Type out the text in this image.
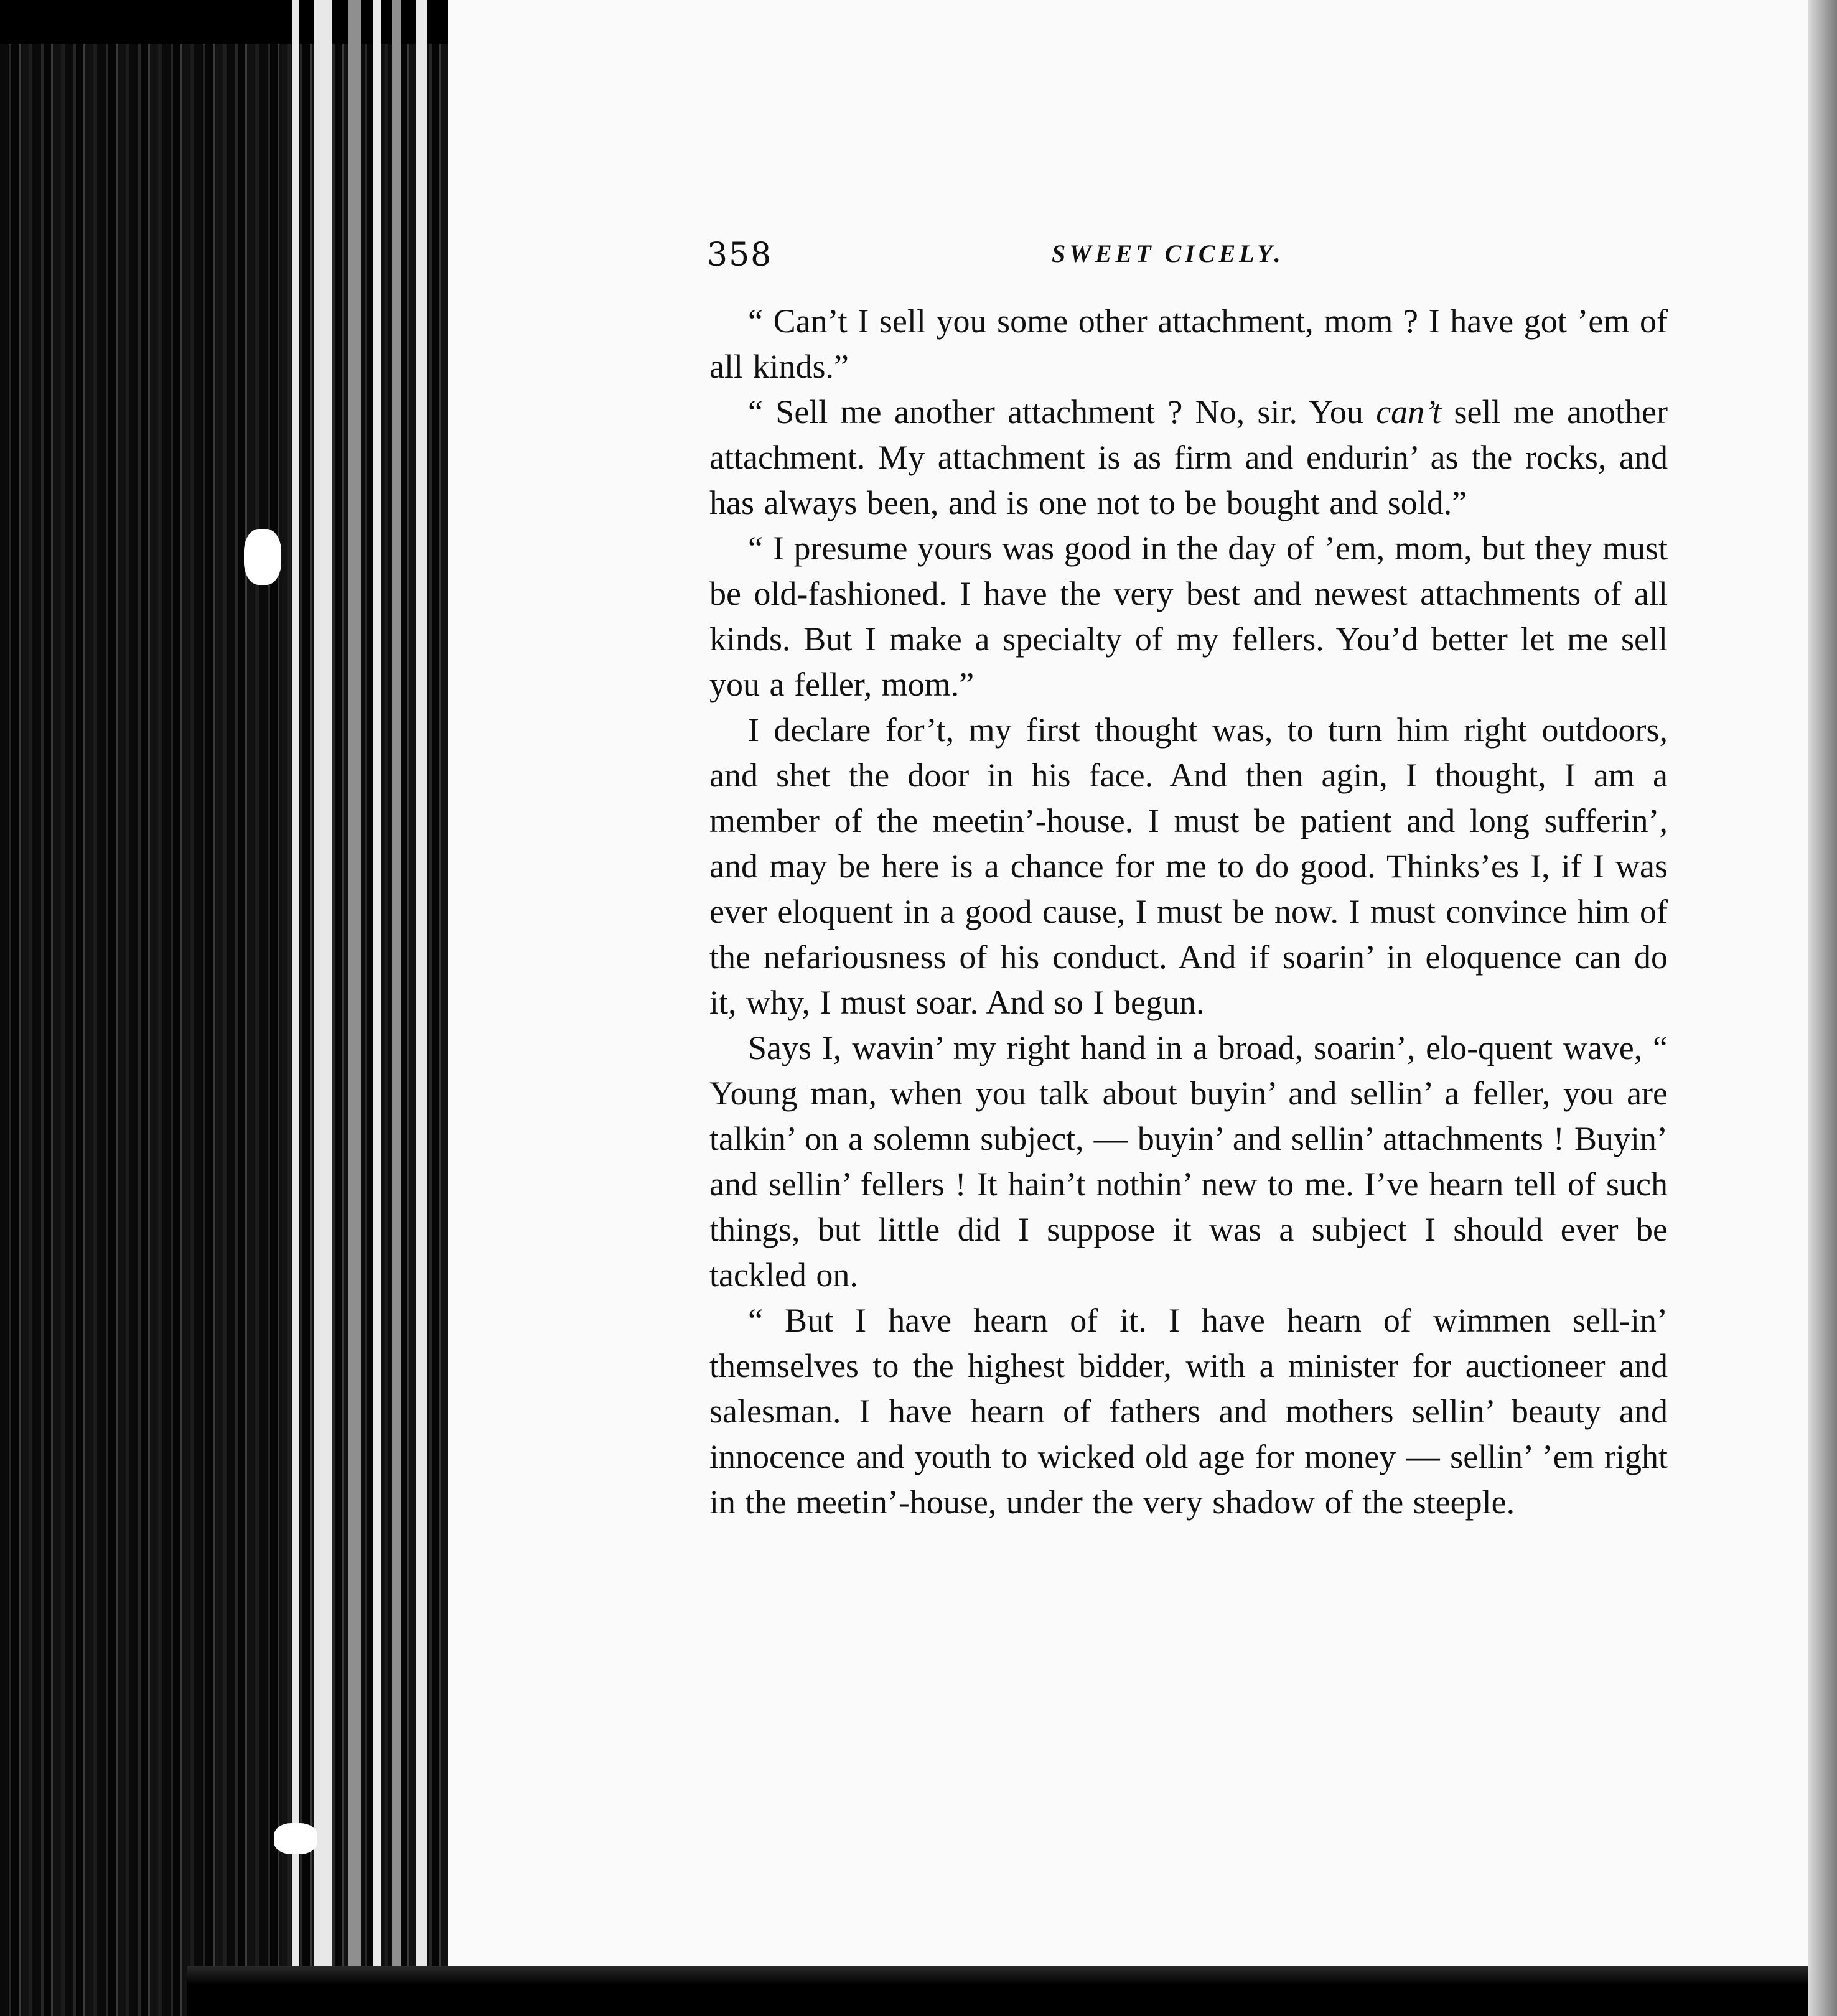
358	SWEET CICELY.

“ Can’t I sell you some other attachment, mom ? I have got ’em of all kinds.”

“ Sell me another attachment ? No, sir. You can’t sell me another attachment. My attachment is as firm and endurin’ as the rocks, and has always been, and is one not to be bought and sold.”

“ I presume yours was good in the day of ’em, mom, but they must be old-fashioned. I have the very best and newest attachments of all kinds. But I make a specialty of my fellers. You’d better let me sell you a feller, mom.”

I declare for’t, my first thought was, to turn him right outdoors, and shet the door in his face. And then agin, I thought, I am a member of the meetin’-house. I must be patient and long sufferin’, and may be here is a chance for me to do good. Thinks’es I, if I was ever eloquent in a good cause, I must be now. I must convince him of the nefariousness of his conduct. And if soarin’ in eloquence can do it, why, I must soar. And so I begun.

Says I, wavin’ my right hand in a broad, soarin’, elo-quent wave, “ Young man, when you talk about buyin’ and sellin’ a feller, you are talkin’ on a solemn subject, — buyin’ and sellin’ attachments ! Buyin’ and sellin’ fellers ! It hain’t nothin’ new to me. I’ve hearn tell of such things, but little did I suppose it was a subject I should ever be tackled on.

“ But I have hearn of it. I have hearn of wimmen sell-in’ themselves to the highest bidder, with a minister for auctioneer and salesman. I have hearn of fathers and mothers sellin’ beauty and innocence and youth to wicked old age for money — sellin’ ’em right in the meetin’-house, under the very shadow of the steeple.
